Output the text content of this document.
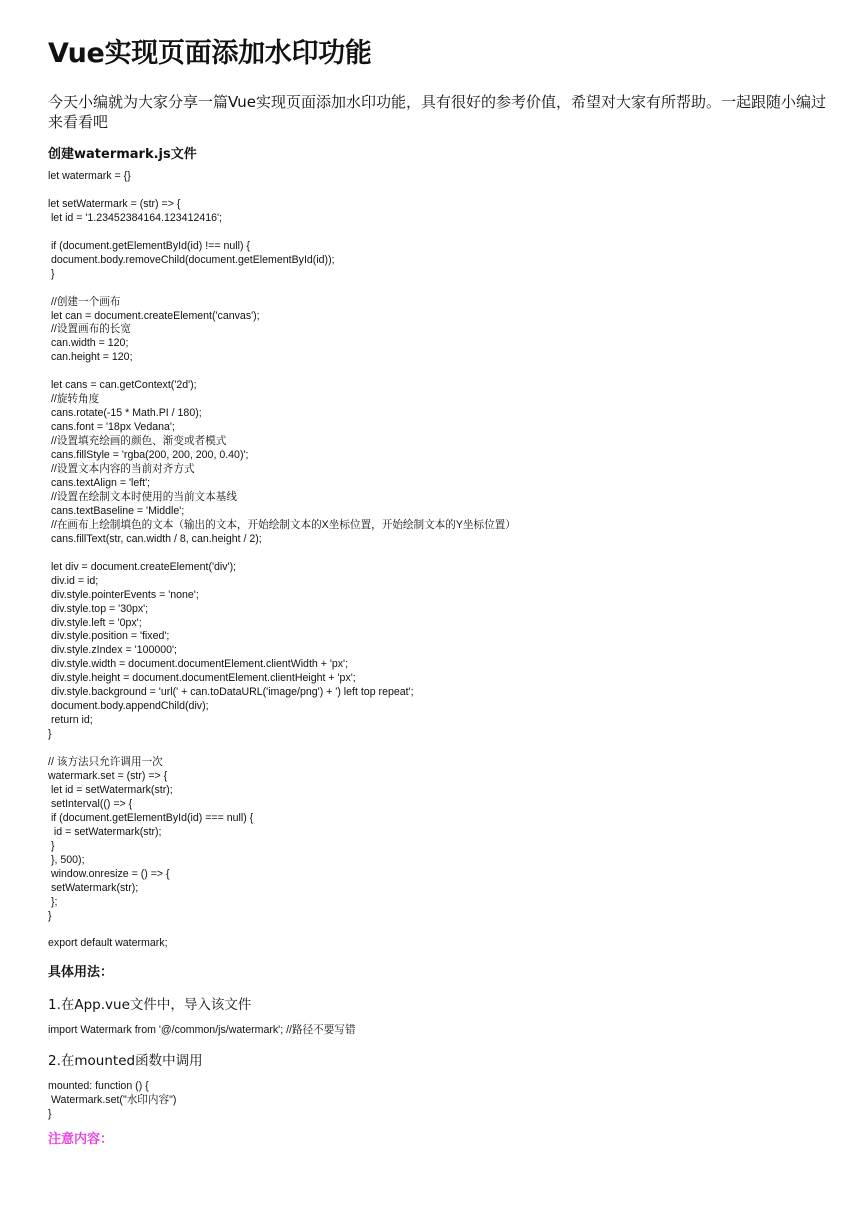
Vue实现页面添加水印功能
今天小编就为大家分享一篇Vue实现页面添加水印功能，具有很好的参考价值，希望对大家有所帮助。一起跟随小编过来看看吧
创建watermark.js文件
let watermark = {}

let setWatermark = (str) => {
let id = '1.23452384164.123412416';

if (document.getElementById(id) !== null) {
document.body.removeChild(document.getElementById(id));
}

//创建一个画布
let can = document.createElement('canvas');
//设置画布的长宽
can.width = 120;
can.height = 120;

let cans = can.getContext('2d');
//旋转角度
cans.rotate(-15 * Math.PI / 180);
cans.font = '18px Vedana';
//设置填充绘画的颜色、渐变或者模式
cans.fillStyle = 'rgba(200, 200, 200, 0.40)';
//设置文本内容的当前对齐方式
cans.textAlign = 'left';
//设置在绘制文本时使用的当前文本基线
cans.textBaseline = 'Middle';
//在画布上绘制填色的文本（输出的文本，开始绘制文本的X坐标位置，开始绘制文本的Y坐标位置）
cans.fillText(str, can.width / 8, can.height / 2);

let div = document.createElement('div');
div.id = id;
div.style.pointerEvents = 'none';
div.style.top = '30px';
div.style.left = '0px';
div.style.position = 'fixed';
div.style.zIndex = '100000';
div.style.width = document.documentElement.clientWidth + 'px';
div.style.height = document.documentElement.clientHeight + 'px';
div.style.background = 'url(' + can.toDataURL('image/png') + ') left top repeat';
document.body.appendChild(div);
return id;
}

// 该方法只允许调用一次
watermark.set = (str) => {
let id = setWatermark(str);
setInterval(() => {
if (document.getElementById(id) === null) {
id = setWatermark(str);
}
}, 500);
window.onresize = () => {
setWatermark(str);
};
}

export default watermark;
具体用法：
1.在App.vue文件中，导入该文件
import Watermark from '@/common/js/watermark'; //路径不要写错
2.在mounted函数中调用
mounted: function () {
Watermark.set("水印内容")
}
注意内容：
